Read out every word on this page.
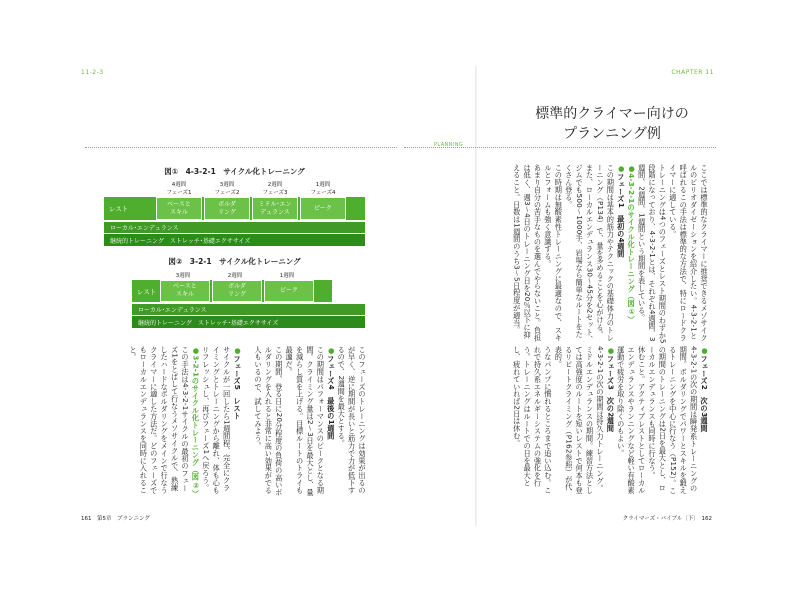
11-2-3	CHAPTER 11
標準的クライマー向けの
プランニング例
PLANNING
図①　4-3-2-1　サイクル化トレーニング
4週間	3週間	2週間	1週間
フェーズ1	フェーズ2	フェーズ3	フェーズ4
レスト
ベースと
スキル
ボルダ
リング
ミドル･エン
デュランス
ピーク
ローカル･エンデュランス
継続的トレーニング　ストレッチ･基礎エクササイズ
図②　3-2-1　サイクル化トレーニング
3週間	2週間	1週間
レスト
ベースと
スキル
ボルダ
リング
ピーク
ローカル･エンデュランス
継続的トレーニング　ストレッチ･基礎エクササイズ
このフェーズのトレーニングは効果が出るのが早く、逆に期間が長いと筋力で力が低下するので、2週間を最大とする。
●フェーズ4　最後の1週間
この期間はパフォーマンスのピークとなる期間。クライミング量は2〜3日を最大とし、量を減らし質を上げる。目標ルートのトライも最適だ。
この期間、登る日に20分程度の負荷の高いボルダリングを入れると非常に高い効果がでる人もいるので、試してみよう。
●フェーズ5　レスト
サイクルが一回したら1週間程、完全にクライミングとトレーニングから離れ、体も心もリフレッシュし、再びフェーズ1へ戻ろう。
●3-2-1のサイクル化トレーニング（図②）
この手法は4-3-2-1サイクルの最初のフェーズ1をとばして行なうメソサイクルで、熟練したハードなボルダリングをメインで行なうクライマーに適した方法だ。どのフェーズでもローカルエンデュランスを同時に入れること。
ここでは標準的なクライマーに推奨できるメゾサイクルのピリオダイゼーションを紹介したい。4-3-2-1と呼ばれるこの手法は標準的な方法で、特にロードクライマーに適している。
トレーニングは4つのフェーズとレスト期間のわずか5段階になっており、4-3-2-1とは、それぞれ4週間、3週間、2週間、1週間という期間を表している。
●4-3-2-1のサイクル化トレーニング（図①）
●フェーズ1　最初の4週間
この期間は基本的筋力やテクニックの基礎体力のトレーニング（P134）で、量を多めることを心がける。また、ローカルエンデュランス30〜45分を2セット、ジムでも500〜1000手、岩場なら簡単なルートをたくさん登る。
この時期は無酸素性トレーニングに最適なので、スキルとフォームも強く意識する。
あまり自分の苦手なものを選んでやらないこと。負担は低く、週3〜4日のトレーニング日を20％以下に抑えること。日数は1週間のうち3〜5日程度が適当。
●フェーズ2　次の3週間
4-3-2-1の次の期間は瞬発系トレーニングの期間。ボルダリングでパワーとスキルを鍛えるトレーニングを中心に行なう（P152）。この期間のトレーニングは2日を最大とし、ローカルエンデュランスも同時に行なう。
休むこと。アクティブレストとしてローカルエンデュランスやランニングなど軽い有酸素運動で疲労を取り除くのもよい。
●フェーズ3　次の2週間
4-3-2-1の次の期間は持久力トレーニング。ミドルエンデュランスの期間。練習方法としては高強度のルートを短いレストで何本も登るリピートクライミング（P162参照）が代表的。
うなパンプに慣れるところまで追い込む。これで持久系エネルギーシステムの強化を行う。トレーニングはルートでの日を最大とし、疲れていれば2日は休む。
161　第5章　プランニング	クライマーズ・バイブル〔下〕　162
